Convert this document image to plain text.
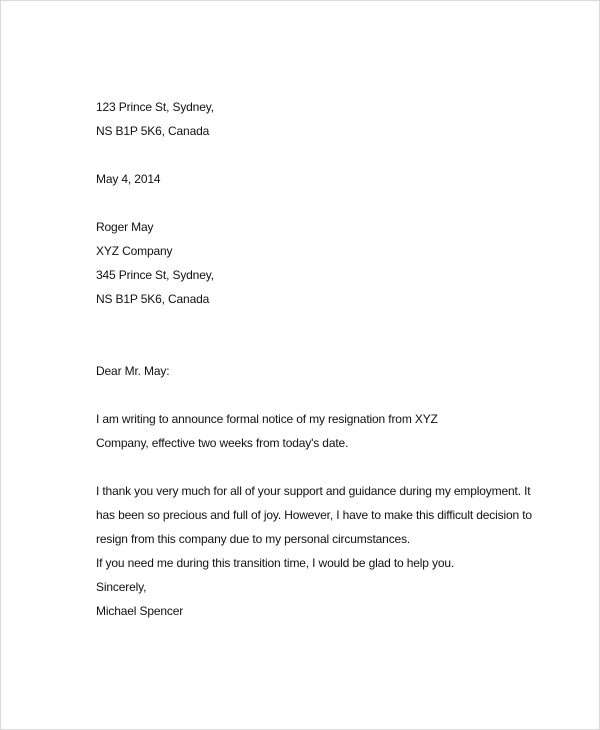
123 Prince St, Sydney,
NS B1P 5K6, Canada
May 4, 2014
Roger May
XYZ Company
345 Prince St, Sydney,
NS B1P 5K6, Canada
Dear Mr. May:
I am writing to announce formal notice of my resignation from XYZ
Company, effective two weeks from today's date.
I thank you very much for all of your support and guidance during my employment. It
has been so precious and full of joy. However, I have to make this difficult decision to
resign from this company due to my personal circumstances.
If you need me during this transition time, I would be glad to help you.
Sincerely,
Michael Spencer
